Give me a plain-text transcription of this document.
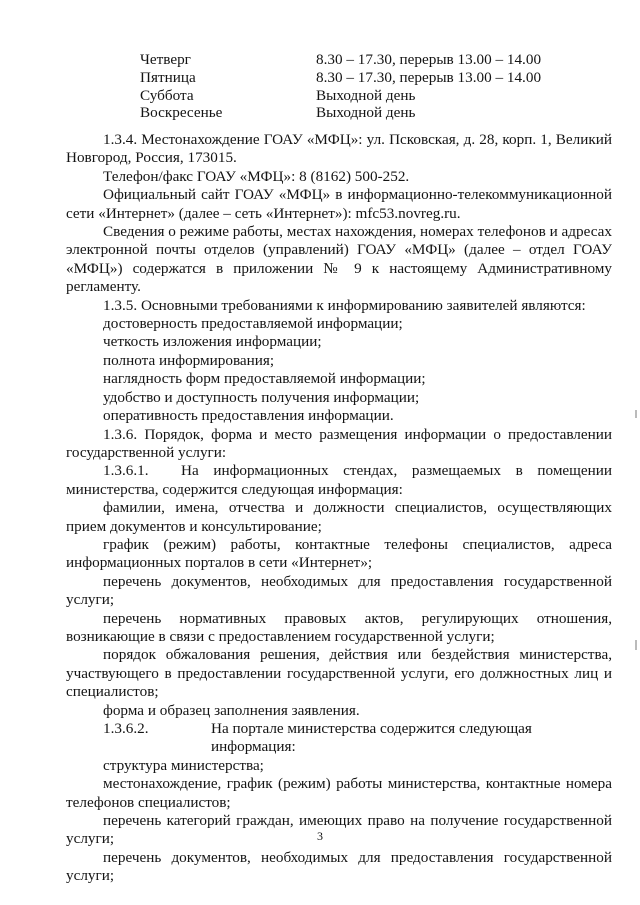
Четверг	8.30 – 17.30, перерыв 13.00 – 14.00
Пятница	8.30 – 17.30, перерыв 13.00 – 14.00
Суббота	Выходной день
Воскресенье	Выходной день

1.3.4. Местонахождение ГОАУ «МФЦ»: ул. Псковская, д. 28, корп. 1, Великий Новгород, Россия, 173015.

Телефон/факс ГОАУ «МФЦ»: 8 (8162) 500-252.

Официальный сайт ГОАУ «МФЦ» в информационно-телекоммуникационной сети «Интернет» (далее – сеть «Интернет»): mfc53.novreg.ru.

Сведения о режиме работы, местах нахождения, номерах телефонов и адресах электронной почты отделов (управлений) ГОАУ «МФЦ» (далее – отдел ГОАУ «МФЦ») содержатся в приложении № 9 к настоящему Административному регламенту.

1.3.5. Основными требованиями к информированию заявителей являются:

достоверность предоставляемой информации;

четкость изложения информации;

полнота информирования;

наглядность форм предоставляемой информации;

удобство и доступность получения информации;

оперативность предоставления информации.

1.3.6. Порядок, форма и место размещения информации о предоставлении государственной услуги:

1.3.6.1.	На информационных стендах, размещаемых в помещении

министерства, содержится следующая информация:

фамилии, имена, отчества и должности специалистов, осуществляющих прием документов и консультирование;

график (режим) работы, контактные телефоны специалистов, адреса информационных порталов в сети «Интернет»;

перечень документов, необходимых для предоставления государственной услуги;

перечень нормативных правовых актов, регулирующих отношения, возникающие в связи с предоставлением государственной услуги;

порядок обжалования решения, действия или бездействия министерства, участвующего в предоставлении государственной услуги, его должностных лиц и специалистов;

форма и образец заполнения заявления.

1.3.6.2.	На портале министерства содержится следующая информация:

структура министерства;

местонахождение, график (режим) работы министерства, контактные номера телефонов специалистов;

перечень категорий граждан, имеющих право на получение государственной услуги;

перечень документов, необходимых для предоставления государственной услуги;

3
